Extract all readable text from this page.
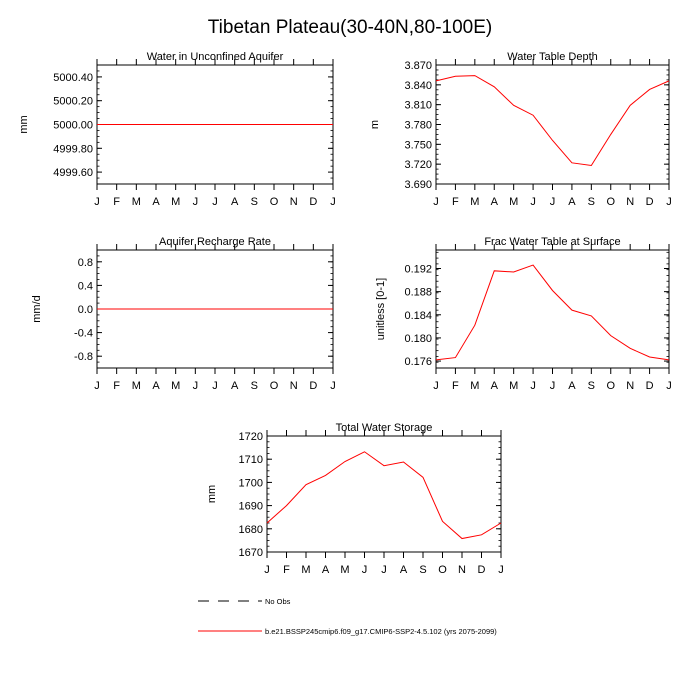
Tibetan Plateau(30-40N,80-100E)
Water in Unconfined Aquifer
4999.60
4999.80
5000.00
5000.20
5000.40
J F M A M J J A S O N D J
mm
Water Table Depth
3.690
3.720
3.750
3.780
3.810
3.840
3.870
J F M A M J J A S O N D J
m
Aquifer Recharge Rate
-0.8
-0.4
0.0
0.4
0.8
J F M A M J J A S O N D J
mm/d
Frac Water Table at Surface
0.176
0.180
0.184
0.188
0.192
J F M A M J J A S O N D J
unitless [0-1]
Total Water Storage
1670
1680
1690
1700
1710
1720
J F M A M J J A S O N D J
mm
No Obs
b.e21.BSSP245cmip6.f09_g17.CMIP6-SSP2-4.5.102 (yrs 2075-2099)
